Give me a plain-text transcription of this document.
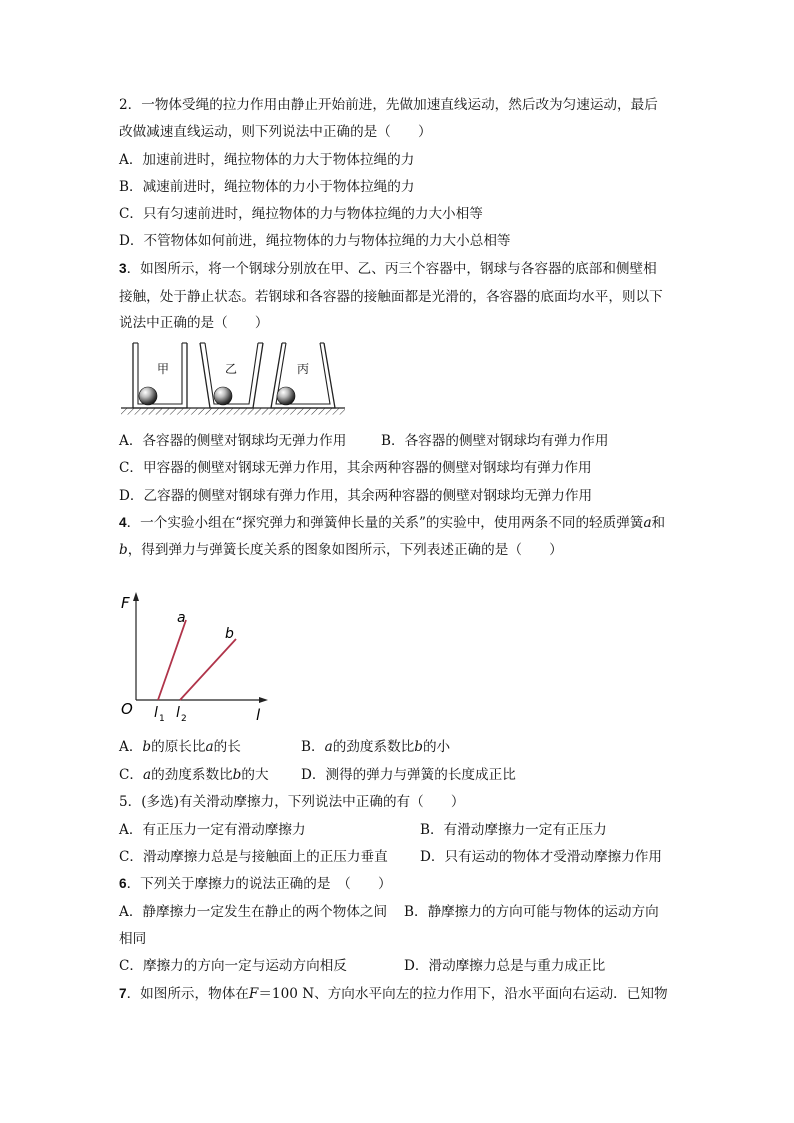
2．一物体受绳的拉力作用由静止开始前进，先做加速直线运动，然后改为匀速运动，最后
改做减速直线运动，则下列说法中正确的是（　　）
A．加速前进时，绳拉物体的力大于物体拉绳的力
B．减速前进时，绳拉物体的力小于物体拉绳的力
C．只有匀速前进时，绳拉物体的力与物体拉绳的力大小相等
D．不管物体如何前进，绳拉物体的力与物体拉绳的力大小总相等
3．如图所示，将一个钢球分别放在甲、乙、丙三个容器中，钢球与各容器的底部和侧壁相
接触，处于静止状态。若钢球和各容器的接触面都是光滑的，各容器的底面均水平，则以下
说法中正确的是（　　）
甲	乙	丙
A．各容器的侧壁对钢球均无弹力作用	B．各容器的侧壁对钢球均有弹力作用
C．甲容器的侧壁对钢球无弹力作用，其余两种容器的侧壁对钢球均有弹力作用
D．乙容器的侧壁对钢球有弹力作用，其余两种容器的侧壁对钢球均无弹力作用
4．一个实验小组在“探究弹力和弹簧伸长量的关系”的实验中，使用两条不同的轻质弹簧a和
b，得到弹力与弹簧长度关系的图象如图所示，下列表述正确的是（　　）
F
l
O
a
b
l 1 l 2
A．b的原长比a的长	B．a的劲度系数比b的小
C．a的劲度系数比b的大 D．测得的弹力与弹簧的长度成正比
5．(多选)有关滑动摩擦力，下列说法中正确的有（　　）
A．有正压力一定有滑动摩擦力	B．有滑动摩擦力一定有正压力
C．滑动摩擦力总是与接触面上的正压力垂直 D．只有运动的物体才受滑动摩擦力作用
6．下列关于摩擦力的说法正确的是　（　　）
A．静摩擦力一定发生在静止的两个物体之间 B．静摩擦力的方向可能与物体的运动方向
相同
C．摩擦力的方向一定与运动方向相反	D．滑动摩擦力总是与重力成正比
7．如图所示，物体在F＝100 N、方向水平向左的拉力作用下，沿水平面向右运动．已知物
